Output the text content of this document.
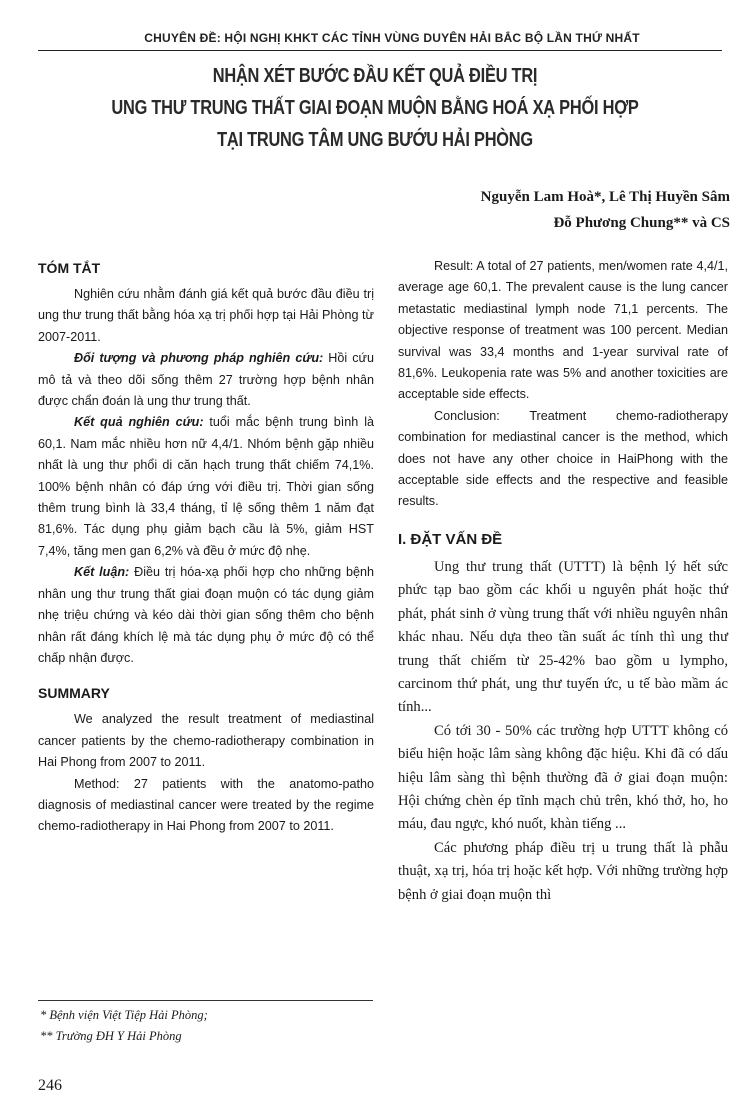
CHUYÊN ĐỀ: HỘI NGHỊ KHKT CÁC TỈNH VÙNG DUYÊN HẢI BẮC BỘ LẦN THỨ NHẤT
NHẬN XÉT BƯỚC ĐẦU KẾT QUẢ ĐIỀU TRỊ
UNG THƯ TRUNG THẤT GIAI ĐOẠN MUỘN BẰNG HOÁ XẠ PHỐI HỢP
TẠI TRUNG TÂM UNG BƯỚU HẢI PHÒNG
Nguyễn Lam Hoà*, Lê Thị Huyền Sâm
Đỗ Phương Chung** và CS
TÓM TẮT

Nghiên cứu nhằm đánh giá kết quả bước đầu điều trị ung thư trung thất bằng hóa xạ trị phối hợp tại Hải Phòng từ 2007-2011.

Đối tượng và phương pháp nghiên cứu: Hồi cứu mô tả và theo dõi sống thêm 27 trường hợp bệnh nhân được chẩn đoán là ung thư trung thất.

Kết quả nghiên cứu: tuổi mắc bệnh trung bình là 60,1. Nam mắc nhiều hơn nữ 4,4/1. Nhóm bệnh gặp nhiều nhất là ung thư phổi di căn hạch trung thất chiếm 74,1%. 100% bệnh nhân có đáp ứng với điều trị. Thời gian sống thêm trung bình là 33,4 tháng, tỉ lệ sống thêm 1 năm đạt 81,6%. Tác dụng phụ giảm bạch cầu là 5%, giảm HST 7,4%, tăng men gan 6,2% và đều ở mức độ nhẹ.

Kết luận: Điều trị hóa-xạ phối hợp cho những bệnh nhân ung thư trung thất giai đoạn muộn có tác dụng giảm nhẹ triệu chứng và kéo dài thời gian sống thêm cho bệnh nhân rất đáng khích lệ mà tác dụng phụ ở mức độ có thể chấp nhận được.

SUMMARY

We analyzed the result treatment of mediastinal cancer patients by the chemo-radiotherapy combination in Hai Phong from 2007 to 2011.

Method: 27 patients with the anatomo-patho diagnosis of mediastinal cancer were treated by the regime chemo-radiotherapy in Hai Phong from 2007 to 2011.

Result: A total of 27 patients, men/women rate 4,4/1, average age 60,1. The prevalent cause is the lung cancer metastatic mediastinal lymph node 71,1 percents. The objective response of treatment was 100 percent. Median survival was 33,4 months and 1-year survival rate of 81,6%. Leukopenia rate was 5% and another toxicities are acceptable side effects.

Conclusion: Treatment chemo-radiotherapy combination for mediastinal cancer is the method, which does not have any other choice in HaiPhong with the acceptable side effects and the respective and feasible results.

I. ĐẶT VẤN ĐỀ

Ung thư trung thất (UTTT) là bệnh lý hết sức phức tạp bao gồm các khối u nguyên phát hoặc thứ phát, phát sinh ở vùng trung thất với nhiều nguyên nhân khác nhau. Nếu dựa theo tần suất ác tính thì ung thư trung thất chiếm từ 25-42% bao gồm u lympho, carcinom thứ phát, ung thư tuyến ức, u tế bào mầm ác tính...

Có tới 30 - 50% các trường hợp UTTT không có biểu hiện hoặc lâm sàng không đặc hiệu. Khi đã có dấu hiệu lâm sàng thì bệnh thường đã ở giai đoạn muộn: Hội chứng chèn ép tĩnh mạch chủ trên, khó thở, ho, ho máu, đau ngực, khó nuốt, khàn tiếng ...

Các phương pháp điều trị u trung thất là phẫu thuật, xạ trị, hóa trị hoặc kết hợp. Với những trường hợp bệnh ở giai đoạn muộn thì

* Bệnh viện Việt Tiệp Hải Phòng;
** Trường ĐH Y Hải Phòng
246
